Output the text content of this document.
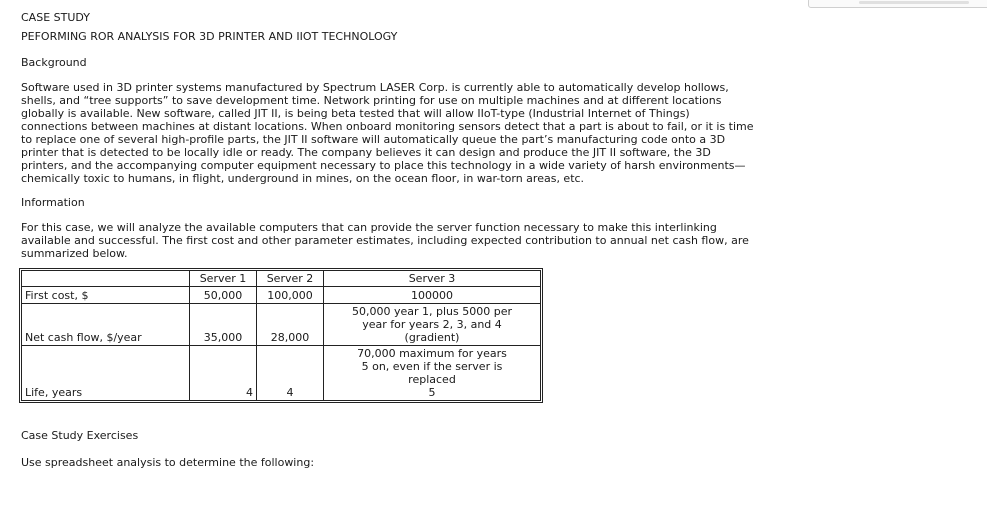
CASE STUDY

PEFORMING ROR ANALYSIS FOR 3D PRINTER AND IIOT TECHNOLOGY

Background

Software used in 3D printer systems manufactured by Spectrum LASER Corp. is currently able to automatically develop hollows, shells, and “tree supports” to save development time. Network printing for use on multiple machines and at different locations globally is available. New software, called JIT II, is being beta tested that will allow IIoT-type (Industrial Internet of Things) connections between machines at distant locations. When onboard monitoring sensors detect that a part is about to fail, or it is time to replace one of several high-profile parts, the JIT II software will automatically queue the part’s manufacturing code onto a 3D printer that is detected to be locally idle or ready. The company believes it can design and produce the JIT II software, the 3D printers, and the accompanying computer equipment necessary to place this technology in a wide variety of harsh environments—chemically toxic to humans, in flight, underground in mines, on the ocean floor, in war-torn areas, etc.

Information

For this case, we will analyze the available computers that can provide the server function necessary to make this interlinking available and successful. The first cost and other parameter estimates, including expected contribution to annual net cash flow, are summarized below.

	Server 1	Server 2	Server 3
First cost, $	50,000	100,000	100000
Net cash flow, $/year	35,000	28,000	50,000 year 1, plus 5000 per
year for years 2, 3, and 4
(gradient)

Life, years	4	4	70,000 maximum for years
5 on, even if the server is
replaced
5

Case Study Exercises

Use spreadsheet analysis to determine the following:
